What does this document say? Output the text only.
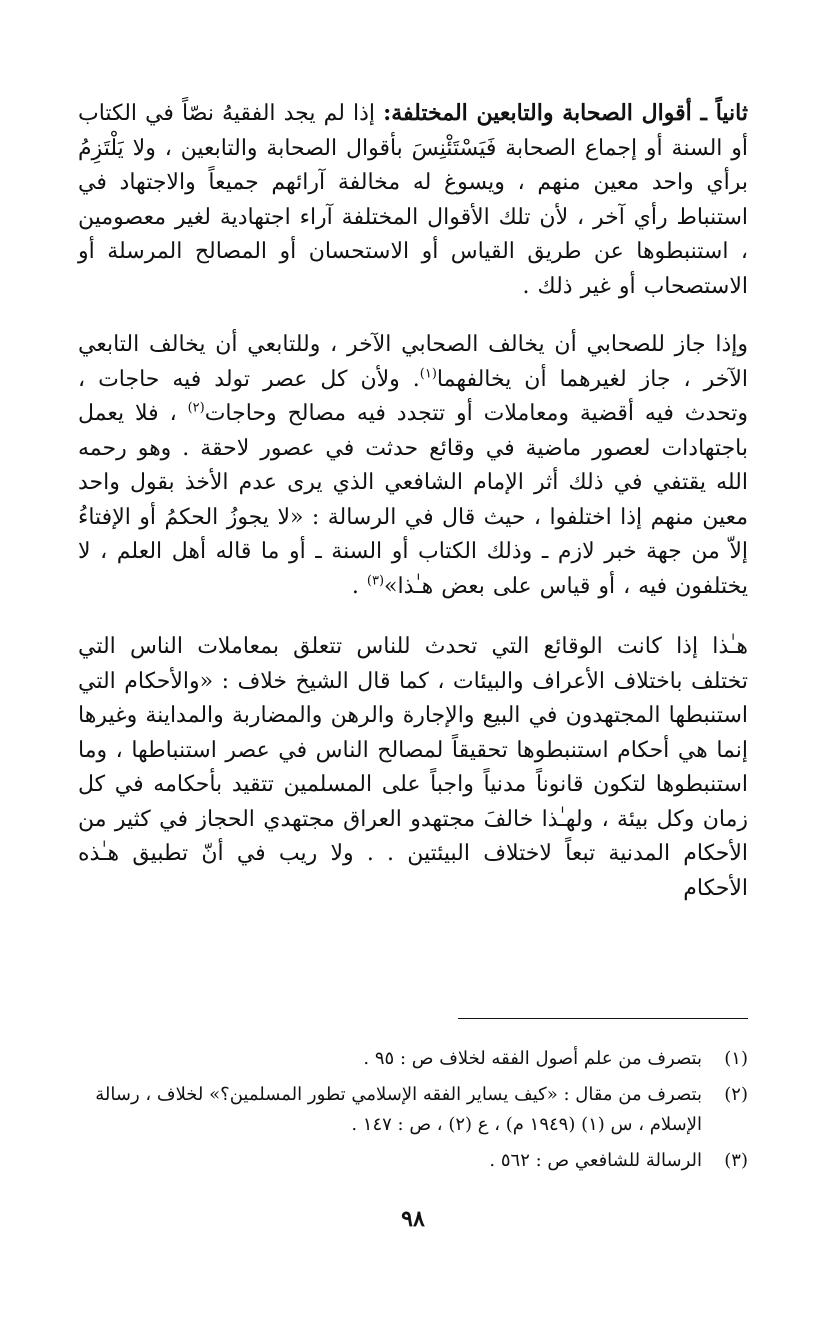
ثانياً ـ أقوال الصحابة والتابعين المختلفة: إذا لم يجد الفقيهُ نصّاً في الكتاب أو السنة أو إجماع الصحابة فَيَسْتَئْنِسَ بأقوال الصحابة والتابعين ، ولا يَلْتَزِمُ برأي واحد معين منهم ، ويسوغ له مخالفة آرائهم جميعاً والاجتهاد في استنباط رأي آخر ، لأن تلك الأقوال المختلفة آراء اجتهادية لغير معصومين ، استنبطوها عن طريق القياس أو الاستحسان أو المصالح المرسلة أو الاستصحاب أو غير ذلك .

وإذا جاز للصحابي أن يخالف الصحابي الآخر ، وللتابعي أن يخالف التابعي الآخر ، جاز لغيرهما أن يخالفهما$^{(١)}$. ولأن كل عصر تولد فيه حاجات ، وتحدث فيه أقضية ومعاملات أو تتجدد فيه مصالح وحاجات$^{(٢)}$ ، فلا يعمل باجتهادات لعصور ماضية في وقائع حدثت في عصور لاحقة . وهو رحمه الله يقتفي في ذلك أثر الإمام الشافعي الذي يرى عدم الأخذ بقول واحد معين منهم إذا اختلفوا ، حيث قال في الرسالة : «لا يجوزُ الحكمُ أو الإفتاءُ إلاّ من جهة خبر لازم ـ وذلك الكتاب أو السنة ـ أو ما قاله أهل العلم ، لا يختلفون فيه ، أو قياس على بعض هـٰذا»$^{(٣)}$ .

هـٰذا إذا كانت الوقائع التي تحدث للناس تتعلق بمعاملات الناس التي تختلف باختلاف الأعراف والبيئات ، كما قال الشيخ خلاف : «والأحكام التي استنبطها المجتهدون في البيع والإجارة والرهن والمضاربة والمداينة وغيرها إنما هي أحكام استنبطوها تحقيقاً لمصالح الناس في عصر استنباطها ، وما استنبطوها لتكون قانوناً مدنياً واجباً على المسلمين تتقيد بأحكامه في كل زمان وكل بيئة ، ولهـٰذا خالفَ مجتهدو العراق مجتهدي الحجاز في كثير من الأحكام المدنية تبعاً لاختلاف البيئتين . . ولا ريب في أنّ تطبيق هـٰذه الأحكام

(١)
بتصرف من علم أصول الفقه لخلاف ص : ٩٥ .
(٢)
بتصرف من مقال : «كيف يساير الفقه الإسلامي تطور المسلمين؟» لخلاف ، رسالة الإسلام ، س (١) (١٩٤٩ م) ، ع (٢) ، ص : ١٤٧ .
(٣)
الرسالة للشافعي ص : ٥٦٢ .
٩٨
